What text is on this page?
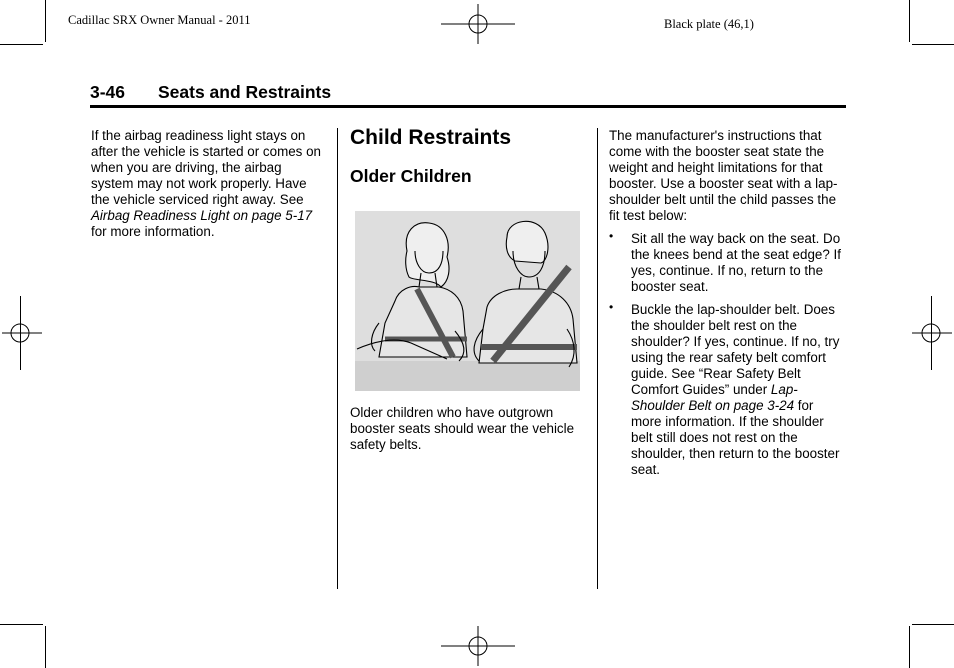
Cadillac SRX Owner Manual - 2011	Black plate (46,1)
3-46 Seats and Restraints

If the airbag readiness light stays on after the vehicle is started or comes on when you are driving, the airbag system may not work properly. Have the vehicle serviced right away. See Airbag Readiness Light on page 5-17 for more information.

Child Restraints
Older Children

Older children who have outgrown booster seats should wear the vehicle safety belts.

The manufacturer's instructions that come with the booster seat state the weight and height limitations for that booster. Use a booster seat with a lap-shoulder belt until the child passes the fit test below:

• Sit all the way back on the seat. Do the knees bend at the seat edge? If yes, continue. If no, return to the booster seat.
• Buckle the lap-shoulder belt. Does the shoulder belt rest on the shoulder? If yes, continue. If no, try using the rear safety belt comfort guide. See “Rear Safety Belt Comfort Guides” under Lap-Shoulder Belt on page 3-24 for more information. If the shoulder belt still does not rest on the shoulder, then return to the booster seat.
